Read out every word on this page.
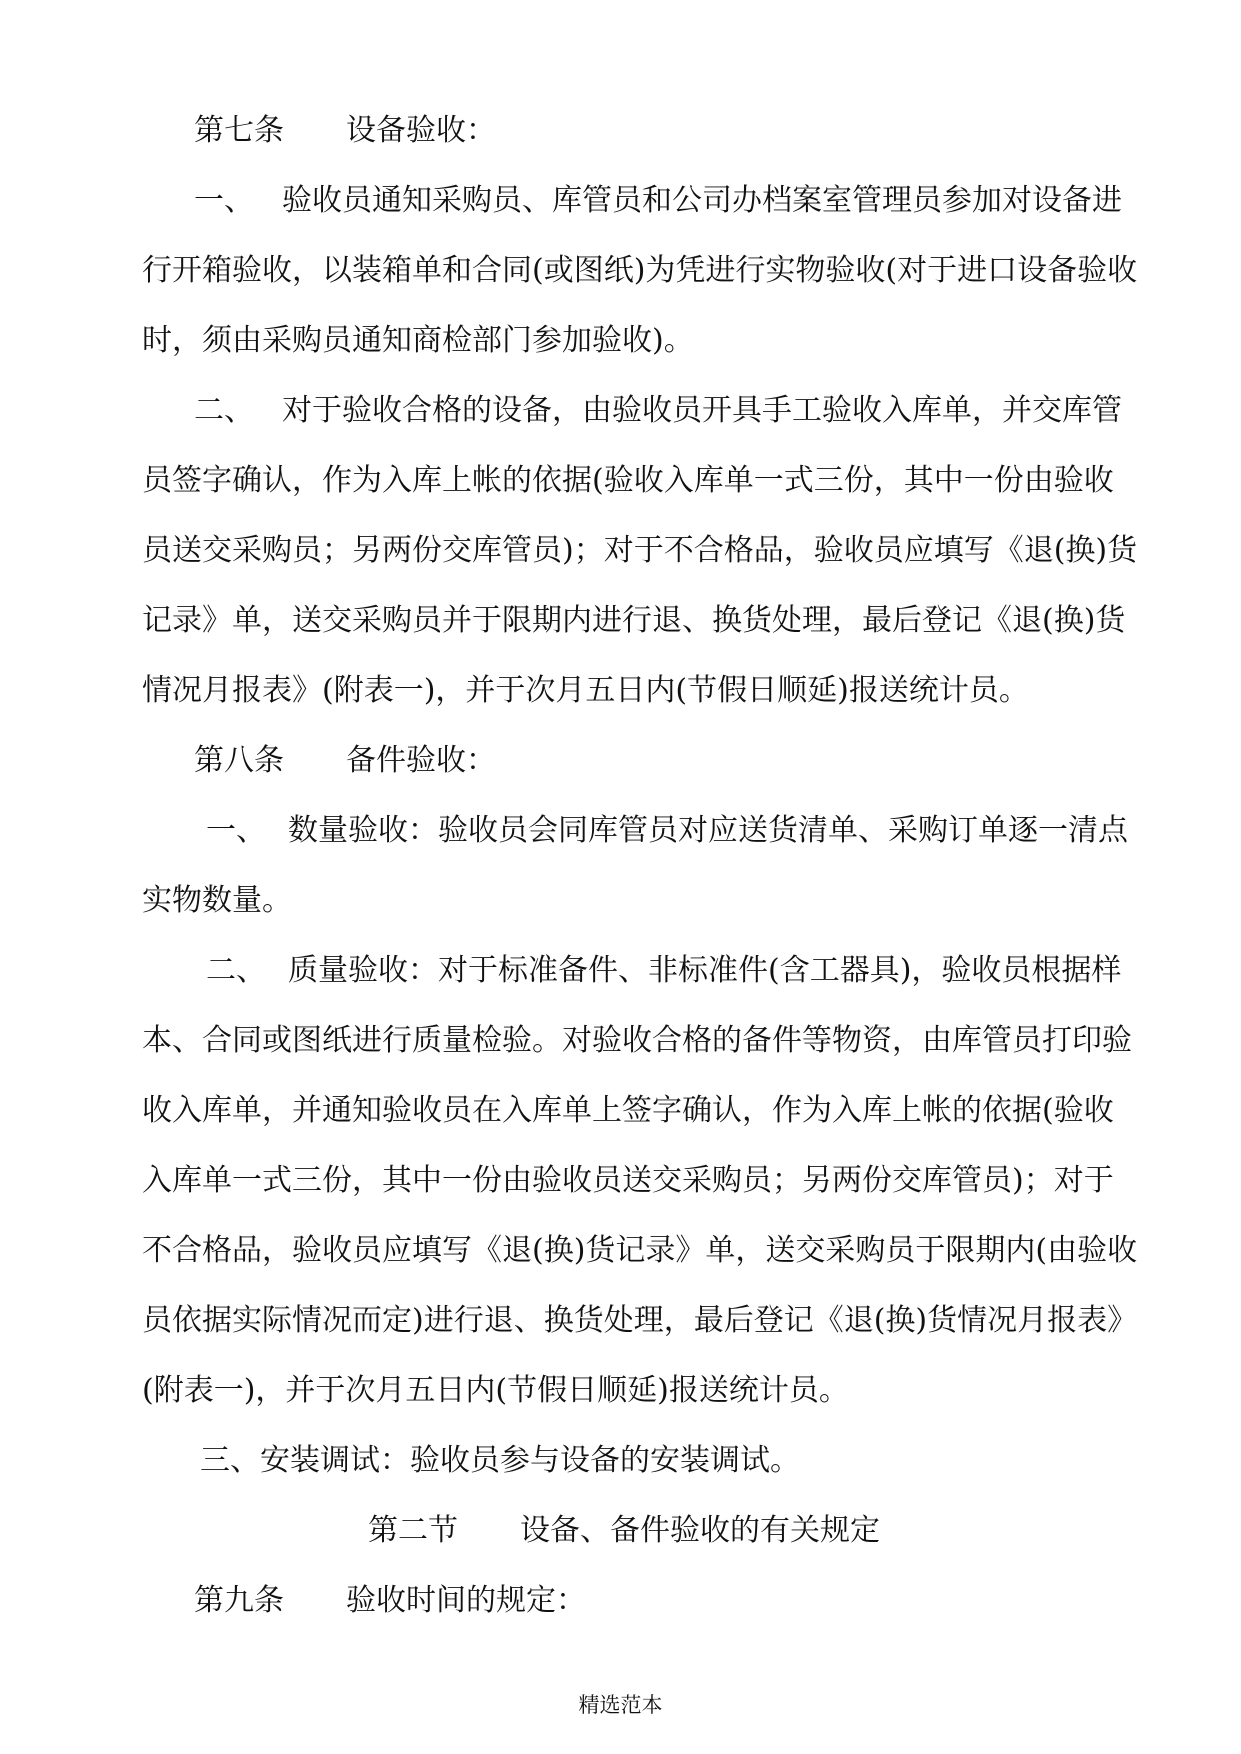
第七条 设备验收：
一、 验收员通知采购员、库管员和公司办档案室管理员参加对设备进
行开箱验收，以装箱单和合同(或图纸)为凭进行实物验收(对于进口设备验收
时，须由采购员通知商检部门参加验收)。
二、 对于验收合格的设备，由验收员开具手工验收入库单，并交库管
员签字确认，作为入库上帐的依据(验收入库单一式三份，其中一份由验收
员送交采购员；另两份交库管员)；对于不合格品，验收员应填写《退(换)货
记录》单，送交采购员并于限期内进行退、换货处理，最后登记《退(换)货
情况月报表》(附表一)，并于次月五日内(节假日顺延)报送统计员。
第八条 备件验收：
一、 数量验收：验收员会同库管员对应送货清单、采购订单逐一清点
实物数量。
二、 质量验收：对于标准备件、非标准件(含工器具)，验收员根据样
本、合同或图纸进行质量检验。对验收合格的备件等物资，由库管员打印验
收入库单，并通知验收员在入库单上签字确认，作为入库上帐的依据(验收
入库单一式三份，其中一份由验收员送交采购员；另两份交库管员)；对于
不合格品，验收员应填写《退(换)货记录》单，送交采购员于限期内(由验收
员依据实际情况而定)进行退、换货处理，最后登记《退(换)货情况月报表》
(附表一)，并于次月五日内(节假日顺延)报送统计员。
三、安装调试：验收员参与设备的安装调试。
第二节 设备、备件验收的有关规定
第九条 验收时间的规定：
精选范本
